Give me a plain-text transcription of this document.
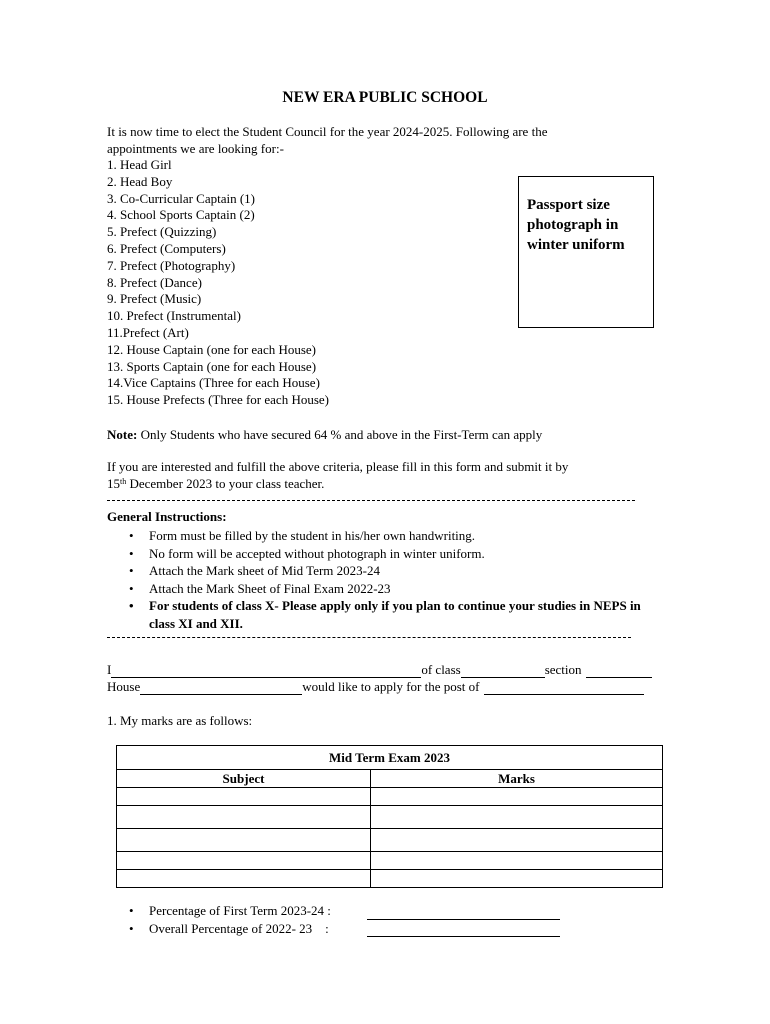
NEW ERA PUBLIC SCHOOL
It is now time to elect the Student Council for the year 2024-2025. Following are the
appointments we are looking for:-
1. Head Girl
2. Head Boy
3. Co-Curricular Captain (1)
4. School Sports Captain (2)
5. Prefect (Quizzing)
6. Prefect (Computers)
7. Prefect (Photography)
8. Prefect (Dance)
9. Prefect (Music)
10. Prefect (Instrumental)
11.Prefect (Art)
12. House Captain (one for each House)
13. Sports Captain (one for each House)
14.Vice Captains (Three for each House)
15. House Prefects (Three for each House)
Passport size
photograph in
winter uniform
Note: Only Students who have secured 64 % and above in the First-Term can apply
If you are interested and fulfill the above criteria, please fill in this form and submit it by
15th December 2023 to your class teacher.
General Instructions:
• Form must be filled by the student in his/her own handwriting.
• No form will be accepted without photograph in winter uniform.
• Attach the Mark sheet of Mid Term 2023-24
• Attach the Mark Sheet of Final Exam 2022-23
• For students of class X- Please apply only if you plan to continue your studies in NEPS in class XI and XII.
I	of class	section
House	would like to apply for the post of
1. My marks are as follows:
Mid Term Exam 2023	
Subject	Marks

• Percentage of First Term 2023-24 :
• Overall Percentage of 2022- 23    :
